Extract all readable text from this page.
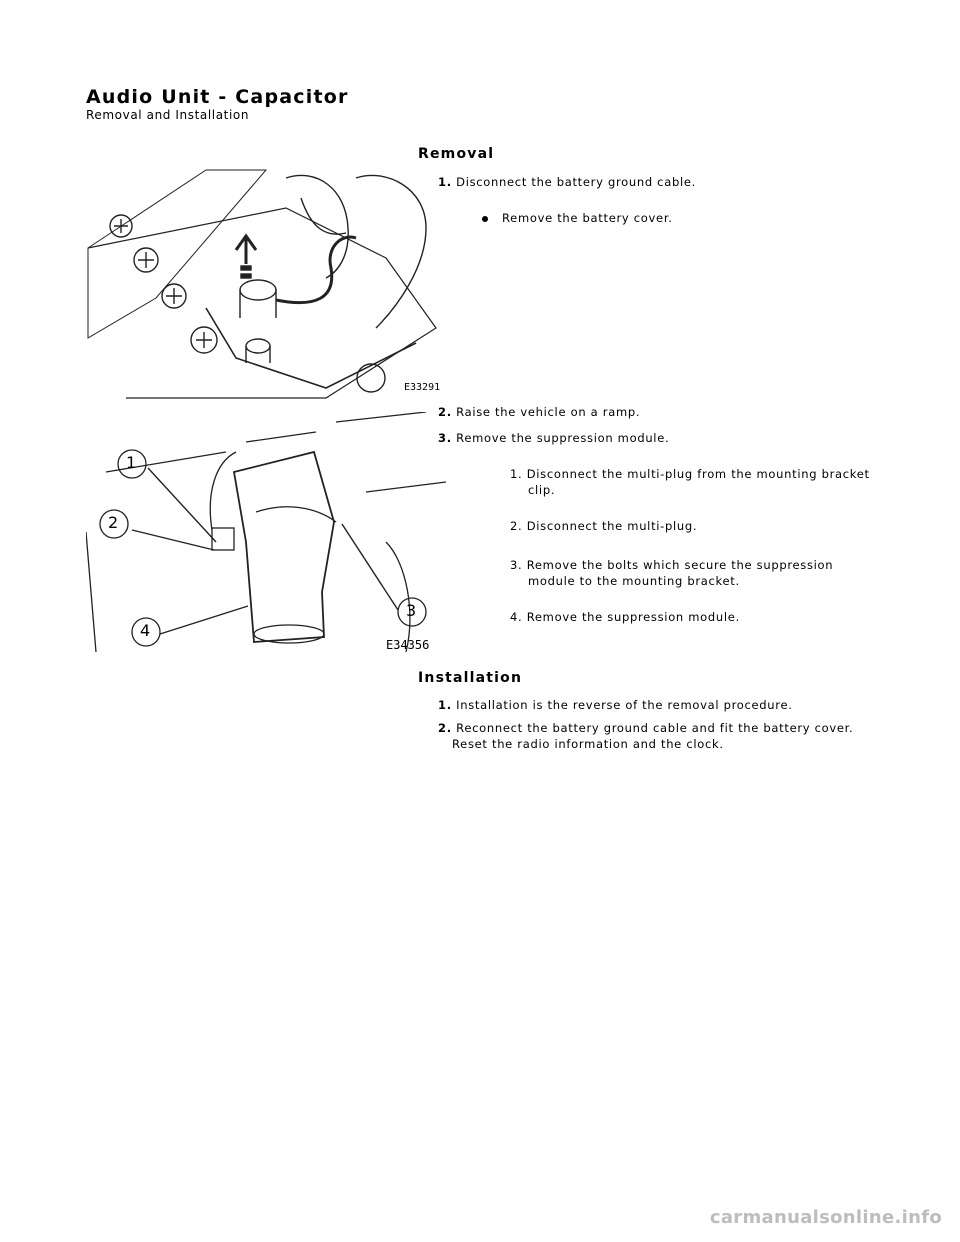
Audio Unit - Capacitor
Removal and Installation
Removal
E33291
1. Disconnect the battery ground cable.
Remove the battery cover.
1
2
3
4
E34356
2. Raise the vehicle on a ramp.
3. Remove the suppression module.
1. Disconnect the multi-plug from the mounting bracket
clip.
2. Disconnect the multi-plug.
3. Remove the bolts which secure the suppression
module to the mounting bracket.
4. Remove the suppression module.
Installation
1. Installation is the reverse of the removal procedure.
2. Reconnect the battery ground cable and fit the battery cover.
Reset the radio information and the clock.
carmanualsonline.info
